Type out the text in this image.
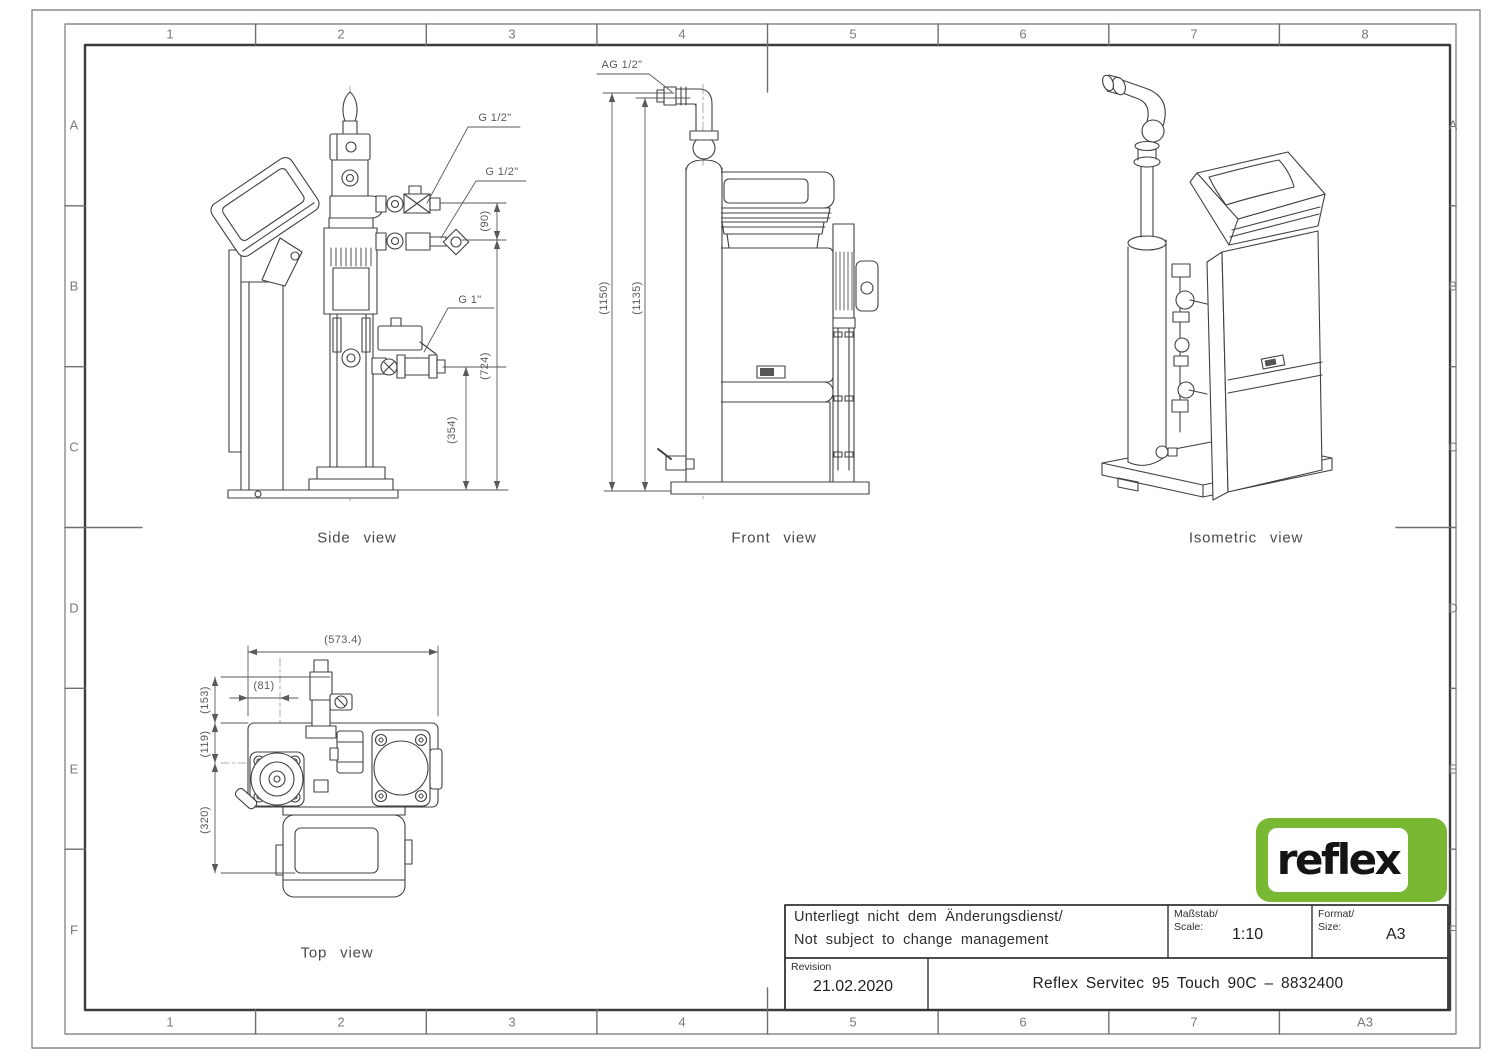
1	2	3	4	5	6	7	8
1	2	3	4	5	6	7	A3
A
B
C
D
E
F
A
B
C
D
E
F
Side view	Front view	Isometric view
Top view
G 1/2"
G 1/2"
G 1"
(90)
(724)
(354)
AG 1/2"
(1150) (1135)
(573.4)
(81)
(153)
(119)
(320)
reflex
Unterliegt nicht dem Änderungsdienst/
Not subject to change management
Maßstab/
Scale: 1:10
Format/
Size:	A3
Revision
21.02.2020	Reflex Servitec 95 Touch 90C – 8832400
